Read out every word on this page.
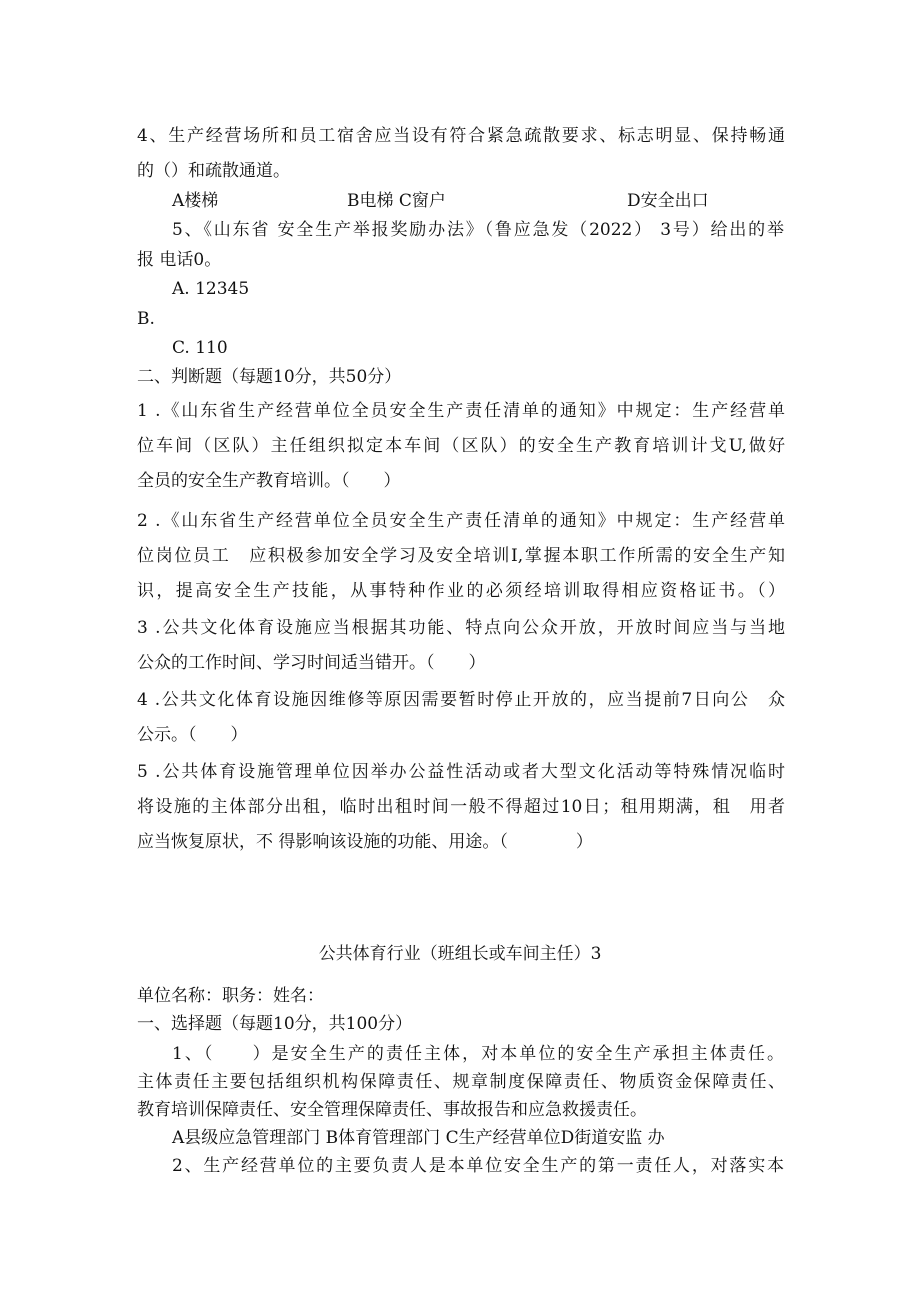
4、生产经营场所和员工宿舍应当设有符合紧急疏散要求、标志明显、保持畅通
的（）和疏散通道。
A楼梯	B电梯 C窗户	D安全出口
5、《山东省 安全生产举报奖励办法》（鲁应急发（2022） 3号）给出的举
报 电话0。
A. 12345
B.
C. 110
二、判断题（每题10分，共50分）
1 .《山东省生产经营单位全员安全生产责任清单的通知》中规定：生产经营单
位车间（区队）主任组织拟定本车间（区队）的安全生产教育培训计戈U,做好
全员的安全生产教育培训。（　　）
2 .《山东省生产经营单位全员安全生产责任清单的通知》中规定：生产经营单
位岗位员工　应积极参加安全学习及安全培训I,掌握本职工作所需的安全生产知
识，提高安全生产技能，从事特种作业的必须经培训取得相应资格证书。（）
3 .公共文化体育设施应当根据其功能、特点向公众开放，开放时间应当与当地
公众的工作时间、学习时间适当错开。（　　）
4 .公共文化体育设施因维修等原因需要暂时停止开放的，应当提前7日向公　众
公示。（　　）
5 .公共体育设施管理单位因举办公益性活动或者大型文化活动等特殊情况临时
将设施的主体部分出租，临时出租时间一般不得超过10日；租用期满，租　用者
应当恢复原状，不 得影响该设施的功能、用途。（　　　　）
公共体育行业（班组长或车间主任）3
单位名称：职务：姓名：
一、选择题（每题10分，共100分）
1、（　　）是安全生产的责任主体，对本单位的安全生产承担主体责任。
主体责任主要包括组织机构保障责任、规章制度保障责任、物质资金保障责任、
教育培训保障责任、安全管理保障责任、事故报告和应急救援责任。
A县级应急管理部门 B体育管理部门 C生产经营单位D街道安监 办
2、生产经营单位的主要负责人是本单位安全生产的第一责任人，对落实本
